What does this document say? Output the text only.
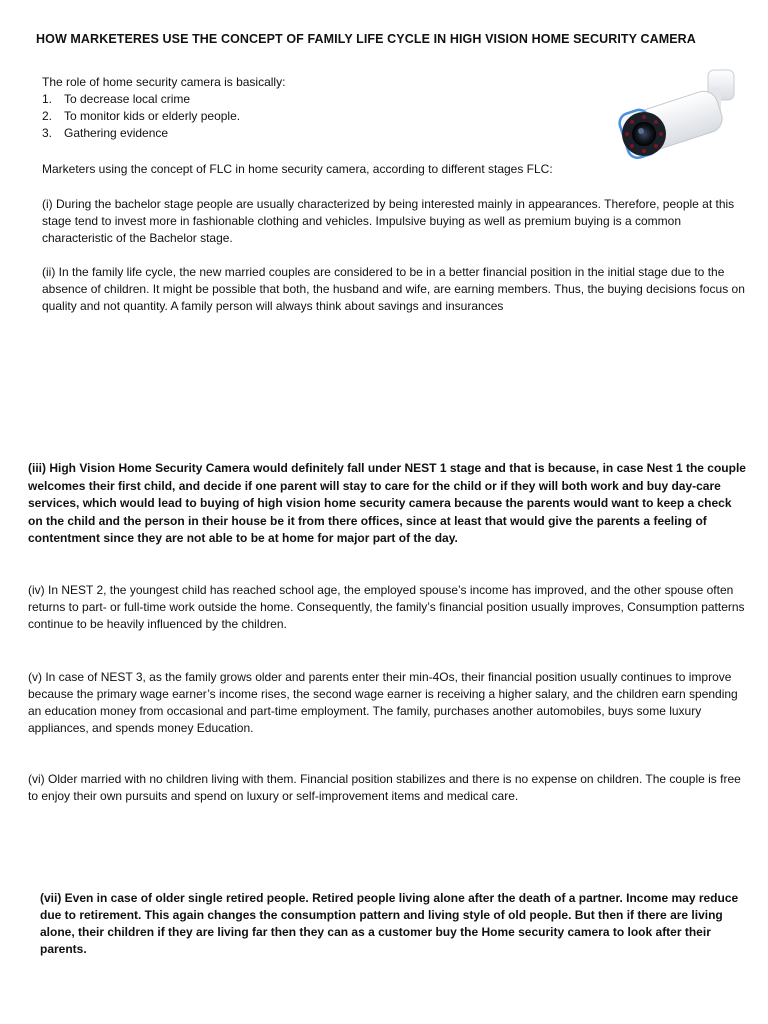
HOW MARKETERES USE THE CONCEPT OF FAMILY LIFE CYCLE IN HIGH VISION HOME SECURITY CAMERA
The role of home security camera is basically:
1. To decrease local crime
2. To monitor kids or elderly people.
3. Gathering evidence
Marketers using the concept of FLC in home security camera, according to different stages FLC:
(i) During the bachelor stage people are usually characterized by being interested mainly in appearances. Therefore, people at this stage tend to invest more in fashionable clothing and vehicles. Impulsive buying as well as premium buying is a common characteristic of the Bachelor stage.
(ii) In the family life cycle, the new married couples are considered to be in a better financial position in the initial stage due to the absence of children. It might be possible that both, the husband and wife, are earning members. Thus, the buying decisions focus on quality and not quantity. A family person will always think about savings and insurances
(iii) High Vision Home Security Camera would definitely fall under NEST 1 stage and that is because, in case Nest 1 the couple welcomes their first child, and decide if one parent will stay to care for the child or if they will both work and buy day-care services, which would lead to buying of high vision home security camera because the parents would want to keep a check on the child and the person in their house be it from there offices, since at least that would give the parents a feeling of contentment since they are not able to be at home for major part of the day.
(iv) In NEST 2, the youngest child has reached school age, the employed spouse’s income has improved, and the other spouse often returns to part- or full-time work outside the home. Consequently, the family’s financial position usually improves, Consumption patterns continue to be heavily influenced by the children.
(v) In case of NEST 3, as the family grows older and parents enter their min-4Os, their financial position usually continues to improve because the primary wage earner’s income rises, the second wage earner is receiving a higher salary, and the children earn spending an education money from occasional and part-time employment. The family, purchases another automobiles, buys some luxury appliances, and spends money Education.
(vi) Older married with no children living with them. Financial position stabilizes and there is no expense on children. The couple is free to enjoy their own pursuits and spend on luxury or self-improvement items and medical care.
(vii) Even in case of older single retired people. Retired people living alone after the death of a partner. Income may reduce due to retirement. This again changes the consumption pattern and living style of old people. But then if there are living alone, their children if they are living far then they can as a customer buy the Home security camera to look after their parents.
